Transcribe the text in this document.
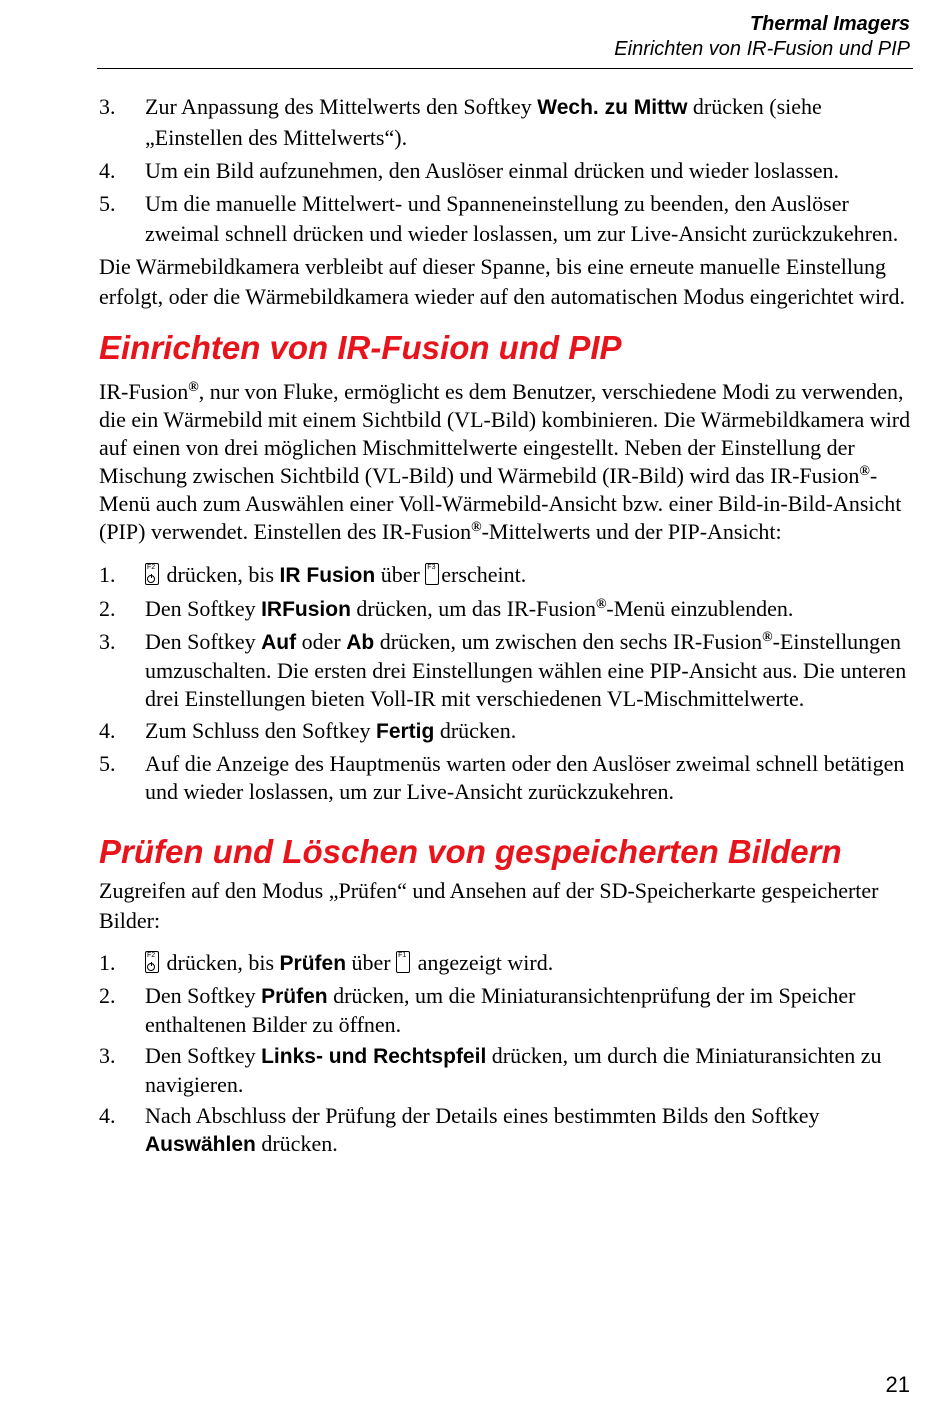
Thermal Imagers
Einrichten von IR-Fusion und PIP
3. Zur Anpassung des Mittelwerts den Softkey Wech. zu Mittw drücken (siehe „Einstellen des Mittelwerts“).
4. Um ein Bild aufzunehmen, den Auslöser einmal drücken und wieder loslassen.
5. Um die manuelle Mittelwert- und Spanneneinstellung zu beenden, den Auslöser zweimal schnell drücken und wieder loslassen, um zur Live-Ansicht zurückzukehren.

Die Wärmebildkamera verbleibt auf dieser Spanne, bis eine erneute manuelle Einstellung erfolgt, oder die Wärmebildkamera wieder auf den automatischen Modus eingerichtet wird.

Einrichten von IR-Fusion und PIP

IR-Fusion®, nur von Fluke, ermöglicht es dem Benutzer, verschiedene Modi zu verwenden, die ein Wärmebild mit einem Sichtbild (VL-Bild) kombinieren. Die Wärmebildkamera wird auf einen von drei möglichen Mischmittelwerte eingestellt. Neben der Einstellung der Mischung zwischen Sichtbild (VL-Bild) und Wärmebild (IR-Bild) wird das IR-Fusion®-Menü auch zum Auswählen einer Voll-Wärmebild-Ansicht bzw. einer Bild-in-Bild-Ansicht (PIP) verwendet. Einstellen des IR-Fusion®-Mittelwerts und der PIP-Ansicht:

1.	F2 drücken, bis IR Fusion über F3 erscheint.
2. Den Softkey IRFusion drücken, um das IR-Fusion®-Menü einzublenden.
3. Den Softkey Auf oder Ab drücken, um zwischen den sechs IR-Fusion®-Einstellungen umzuschalten. Die ersten drei Einstellungen wählen eine PIP-Ansicht aus. Die unteren drei Einstellungen bieten Voll-IR mit verschiedenen VL-Mischmittelwerte.
4. Zum Schluss den Softkey Fertig drücken.
5. Auf die Anzeige des Hauptmenüs warten oder den Auslöser zweimal schnell betätigen und wieder loslassen, um zur Live-Ansicht zurückzukehren.
Prüfen und Löschen von gespeicherten Bildern

Zugreifen auf den Modus „Prüfen“ und Ansehen auf der SD-Speicherkarte gespeicherter Bilder:

1.	F2 drücken, bis Prüfen über F1 angezeigt wird.
2. Den Softkey Prüfen drücken, um die Miniaturansichtenprüfung der im Speicher enthaltenen Bilder zu öffnen.
3. Den Softkey Links- und Rechtspfeil drücken, um durch die Miniaturansichten zu navigieren.
4. Nach Abschluss der Prüfung der Details eines bestimmten Bilds den Softkey Auswählen drücken.
21
